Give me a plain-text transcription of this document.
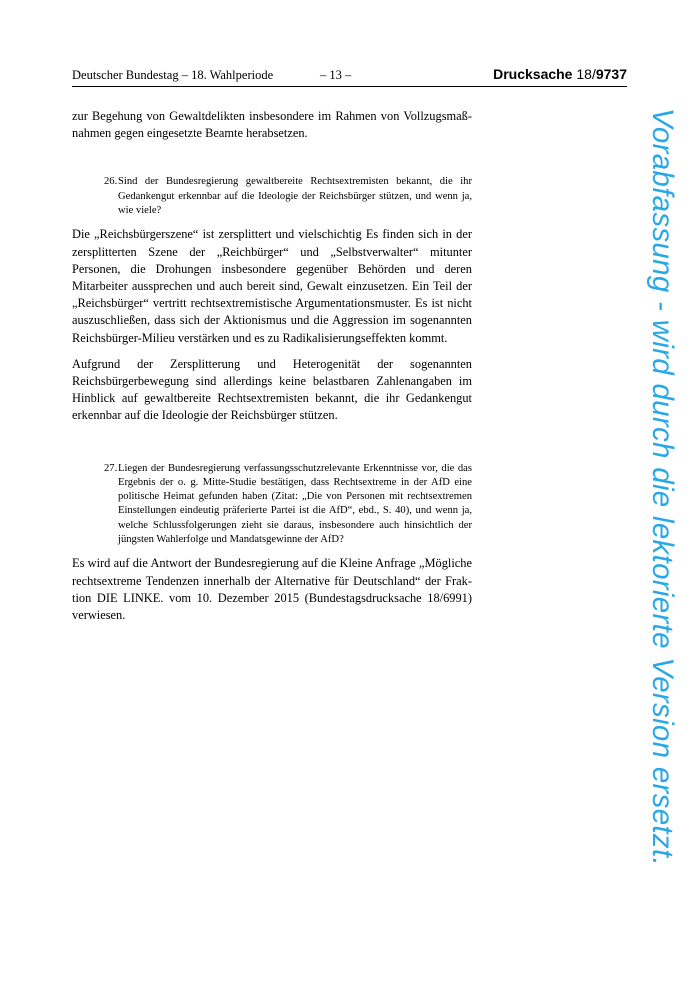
Deutscher Bundestag – 18. Wahlperiode	– 13 –	Drucksache 18/9737

zur Begehung von Gewaltdelikten insbesondere im Rahmen von Vollzugsmaßnahmen gegen eingesetzte Beamte herabsetzen.

26. Sind der Bundesregierung gewaltbereite Rechtsextremisten bekannt, die ihr Gedankengut erkennbar auf die Ideologie der Reichsbürger stützen, und wenn ja, wie viele?

Die „Reichsbürgerszene“ ist zersplittert und vielschichtig Es finden sich in der zersplitterten Szene der „Reichbürger“ und „Selbstverwalter“ mitunter Personen, die Drohungen insbesondere gegenüber Behörden und deren Mitarbeiter aussprechen und auch bereit sind, Gewalt einzusetzen. Ein Teil der „Reichsbürger“ vertritt rechtsextremistische Argumentationsmuster. Es ist nicht auszuschließen, dass sich der Aktionismus und die Aggression im sogenannten Reichsbürger-Milieu verstärken und es zu Radikalisierungseffekten kommt.

Aufgrund der Zersplitterung und Heterogenität der sogenannten Reichsbürgerbewegung sind allerdings keine belastbaren Zahlenangaben im Hinblick auf gewaltbereite Rechtsextremisten bekannt, die ihr Gedankengut erkennbar auf die Ideologie der Reichsbürger stützen.

27. Liegen der Bundesregierung verfassungsschutzrelevante Erkenntnisse vor, die das Ergebnis der o. g. Mitte-Studie bestätigen, dass Rechtsextreme in der AfD eine politische Heimat gefunden haben (Zitat: „Die von Personen mit rechtsextremen Einstellungen eindeutig präferierte Partei ist die AfD“, ebd., S. 40), und wenn ja, welche Schlussfolgerungen zieht sie daraus, insbesondere auch hinsichtlich der jüngsten Wahlerfolge und Mandatsgewinne der AfD?

Es wird auf die Antwort der Bundesregierung auf die Kleine Anfrage „Mögliche rechtsextreme Tendenzen innerhalb der Alternative für Deutschland“ der Fraktion DIE LINKE. vom 10. Dezember 2015 (Bundestagsdrucksache 18/6991) verwiesen.	Vorabfassung - wird durch die lektorierte Version ersetzt.
